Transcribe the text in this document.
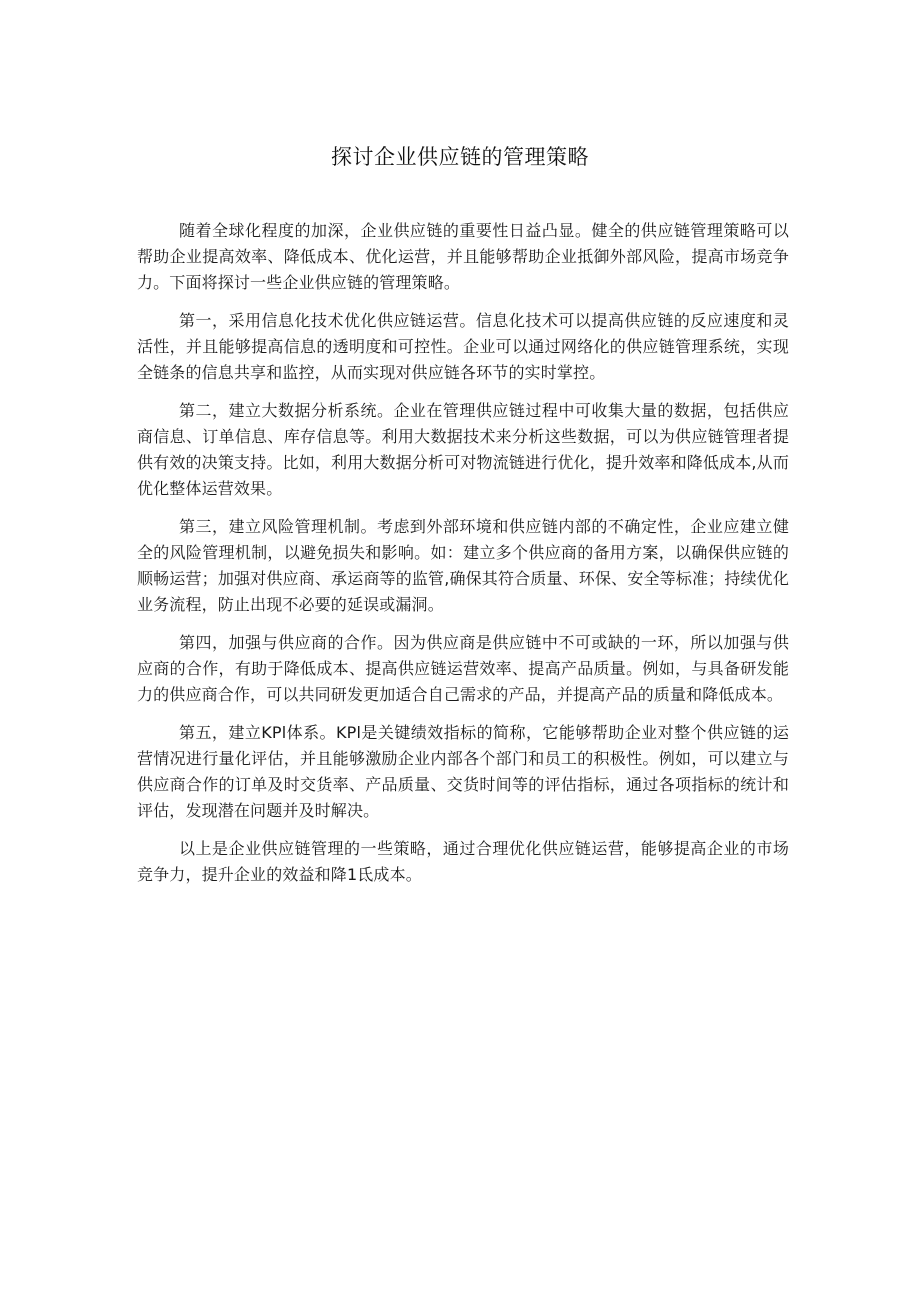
探讨企业供应链的管理策略

随着全球化程度的加深，企业供应链的重要性日益凸显。健全的供应链管理策略可以帮助企业提高效率、降低成本、优化运营，并且能够帮助企业抵御外部风险，提高市场竞争力。下面将探讨一些企业供应链的管理策略。

第一，采用信息化技术优化供应链运营。信息化技术可以提高供应链的反应速度和灵活性，并且能够提高信息的透明度和可控性。企业可以通过网络化的供应链管理系统，实现全链条的信息共享和监控，从而实现对供应链各环节的实时掌控。

第二，建立大数据分析系统。企业在管理供应链过程中可收集大量的数据，包括供应商信息、订单信息、库存信息等。利用大数据技术来分析这些数据，可以为供应链管理者提供有效的决策支持。比如，利用大数据分析可对物流链进行优化，提升效率和降低成本,从而优化整体运营效果。

第三，建立风险管理机制。考虑到外部环境和供应链内部的不确定性，企业应建立健全的风险管理机制，以避免损失和影响。如：建立多个供应商的备用方案，以确保供应链的顺畅运营；加强对供应商、承运商等的监管,确保其符合质量、环保、安全等标准；持续优化业务流程，防止出现不必要的延误或漏洞。

第四，加强与供应商的合作。因为供应商是供应链中不可或缺的一环，所以加强与供应商的合作，有助于降低成本、提高供应链运营效率、提高产品质量。例如，与具备研发能力的供应商合作，可以共同研发更加适合自己需求的产品，并提高产品的质量和降低成本。

第五，建立KPl体系。KPl是关键绩效指标的简称，它能够帮助企业对整个供应链的运营情况进行量化评估，并且能够激励企业内部各个部门和员工的积极性。例如，可以建立与供应商合作的订单及时交货率、产品质量、交货时间等的评估指标，通过各项指标的统计和评估，发现潜在问题并及时解决。

以上是企业供应链管理的一些策略，通过合理优化供应链运营，能够提高企业的市场竞争力，提升企业的效益和降1氐成本。
